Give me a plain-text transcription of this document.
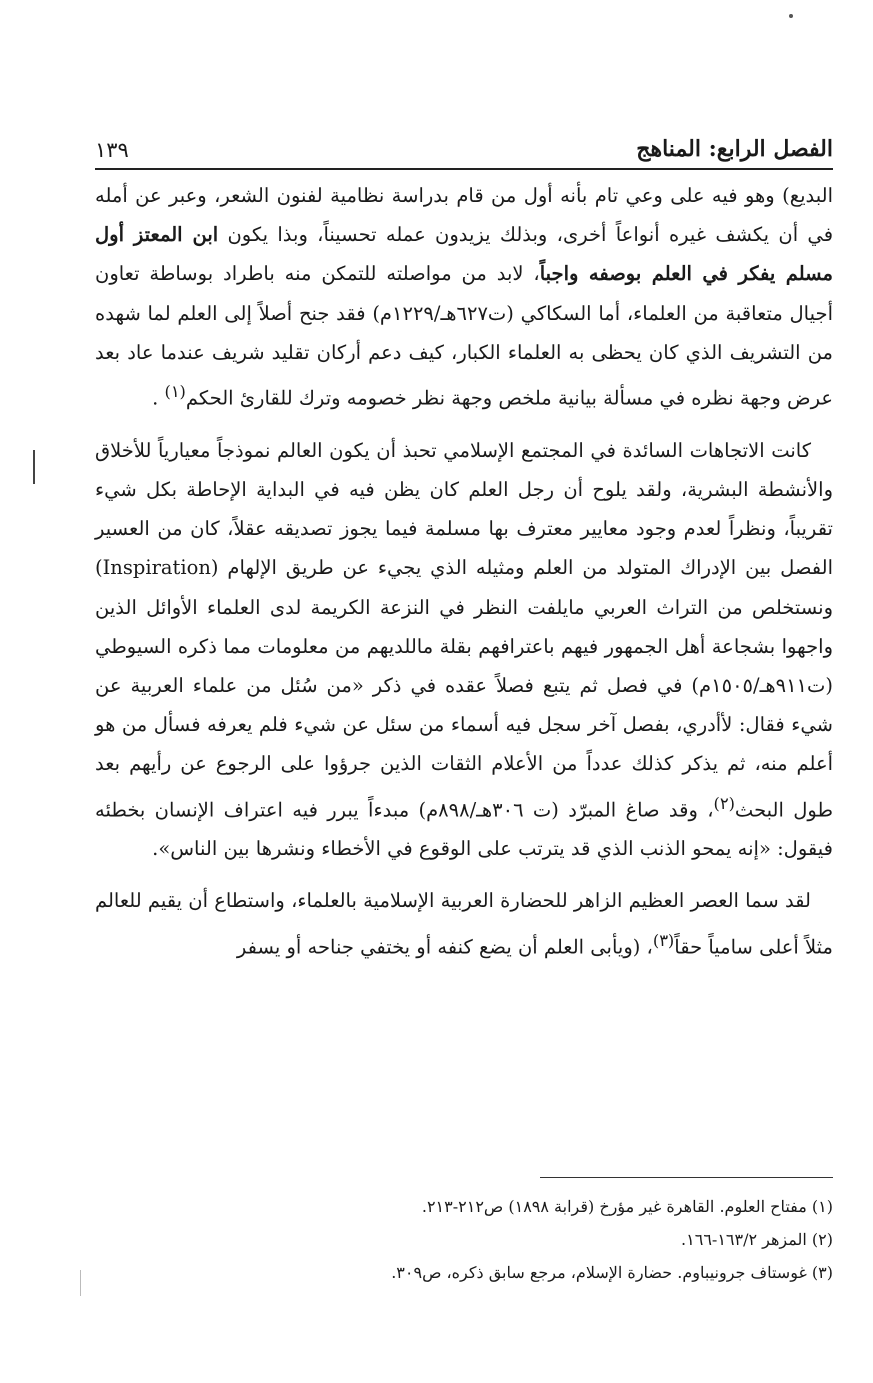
الفصل الرابع: المناهج
١٣٩

البديع) وهو فيه على وعي تام بأنه أول من قام بدراسة نظامية لفنون الشعر، وعبر عن أمله في أن يكشف غيره أنواعاً أخرى، وبذلك يزيدون عمله تحسيناً، وبذا يكون ابن المعتز أول مسلم يفكر في العلم بوصفه واجباً، لابد من مواصلته للتمكن منه باطراد بوساطة تعاون أجيال متعاقبة من العلماء، أما السكاكي (ت٦٢٧هـ/١٢٢٩م) فقد جنح أصلاً إلى العلم لما شهده من التشريف الذي كان يحظى به العلماء الكبار، كيف دعم أركان تقليد شريف عندما عاد بعد عرض وجهة نظره في مسألة بيانية ملخص وجهة نظر خصومه وترك للقارئ الحكم$^{(١)}$ .

كانت الاتجاهات السائدة في المجتمع الإسلامي تحبذ أن يكون العالم نموذجاً معيارياً للأخلاق والأنشطة البشرية، ولقد يلوح أن رجل العلم كان يظن فيه في البداية الإحاطة بكل شيء تقريباً، ونظراً لعدم وجود معايير معترف بها مسلمة فيما يجوز تصديقه عقلاً، كان من العسير الفصل بين الإدراك المتولد من العلم ومثيله الذي يجيء عن طريق الإلهام (Inspiration) ونستخلص من التراث العربي مايلفت النظر في النزعة الكريمة لدى العلماء الأوائل الذين واجهوا بشجاعة أهل الجمهور فيهم باعترافهم بقلة ماللديهم من معلومات مما ذكره السيوطي (ت٩١١هـ/١٥٠٥م) في فصل ثم يتبع فصلاً عقده في ذكر «من سُئل من علماء العربية عن شيء فقال: لأأدري، بفصل آخر سجل فيه أسماء من سئل عن شيء فلم يعرفه فسأل من هو أعلم منه، ثم يذكر كذلك عدداً من الأعلام الثقات الذين جرؤوا على الرجوع عن رأيهم بعد طول البحث$^{(٢)}$، وقد صاغ المبرّد (ت ٣٠٦هـ/٨٩٨م) مبدءاً يبرر فيه اعتراف الإنسان بخطئه فيقول: «إنه يمحو الذنب الذي قد يترتب على الوقوع في الأخطاء ونشرها بين الناس».

لقد سما العصر العظيم الزاهر للحضارة العربية الإسلامية بالعلماء، واستطاع أن يقيم للعالم مثلاً أعلى سامياً حقاً$^{(٣)}$، (ويأبى العلم أن يضع كنفه أو يختفي جناحه أو يسفر

(١) مفتاح العلوم. القاهرة غير مؤرخ (قرابة ١٨٩٨) ص٢١٢-٢١٣.

(٢) المزهر ١٦٣/٢-١٦٦.

(٣) غوستاف جرونيباوم. حضارة الإسلام، مرجع سابق ذكره، ص٣٠٩.
